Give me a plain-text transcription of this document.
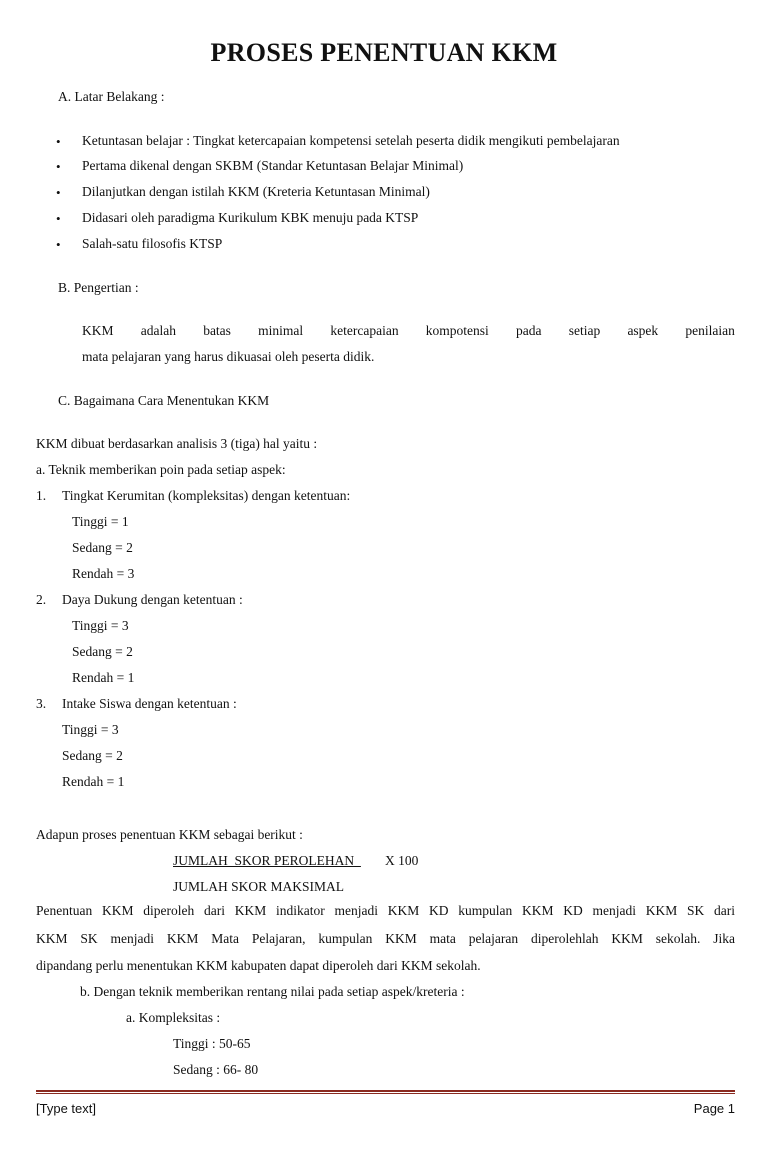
PROSES PENENTUAN KKM
A. Latar Belakang :
• Ketuntasan belajar : Tingkat ketercapaian kompetensi setelah peserta didik mengikuti pembelajaran
• Pertama dikenal dengan SKBM (Standar Ketuntasan Belajar Minimal)
• Dilanjutkan dengan istilah KKM (Kreteria Ketuntasan Minimal)
• Didasari oleh paradigma Kurikulum KBK menuju pada KTSP
• Salah-satu filosofis KTSP
B. Pengertian :
KKM adalah batas minimal ketercapaian kompotensi pada setiap aspek penilaian
mata pelajaran yang harus dikuasai oleh peserta didik.
C. Bagaimana Cara Menentukan KKM
KKM dibuat berdasarkan analisis 3 (tiga) hal yaitu :
a. Teknik memberikan poin pada setiap aspek:
1. Tingkat Kerumitan (kompleksitas) dengan ketentuan:
Tinggi = 1
Sedang = 2
Rendah = 3
2. Daya Dukung dengan ketentuan :
Tinggi = 3
Sedang = 2
Rendah = 1
3. Intake Siswa dengan ketentuan :
Tinggi = 3
Sedang = 2
Rendah = 1
Adapun proses penentuan KKM sebagai berikut :
JUMLAH  SKOR PEROLEHAN X 100
JUMLAH SKOR MAKSIMAL
Penentuan KKM diperoleh dari KKM indikator menjadi KKM KD kumpulan KKM KD menjadi KKM SK dari
KKM SK menjadi KKM Mata Pelajaran, kumpulan KKM mata pelajaran diperolehlah KKM sekolah. Jika
dipandang perlu menentukan KKM kabupaten dapat diperoleh dari KKM sekolah.
b. Dengan teknik memberikan rentang nilai pada setiap aspek/kreteria :
a. Kompleksitas :
Tinggi : 50-65
Sedang : 66- 80
[Type text]	Page 1
